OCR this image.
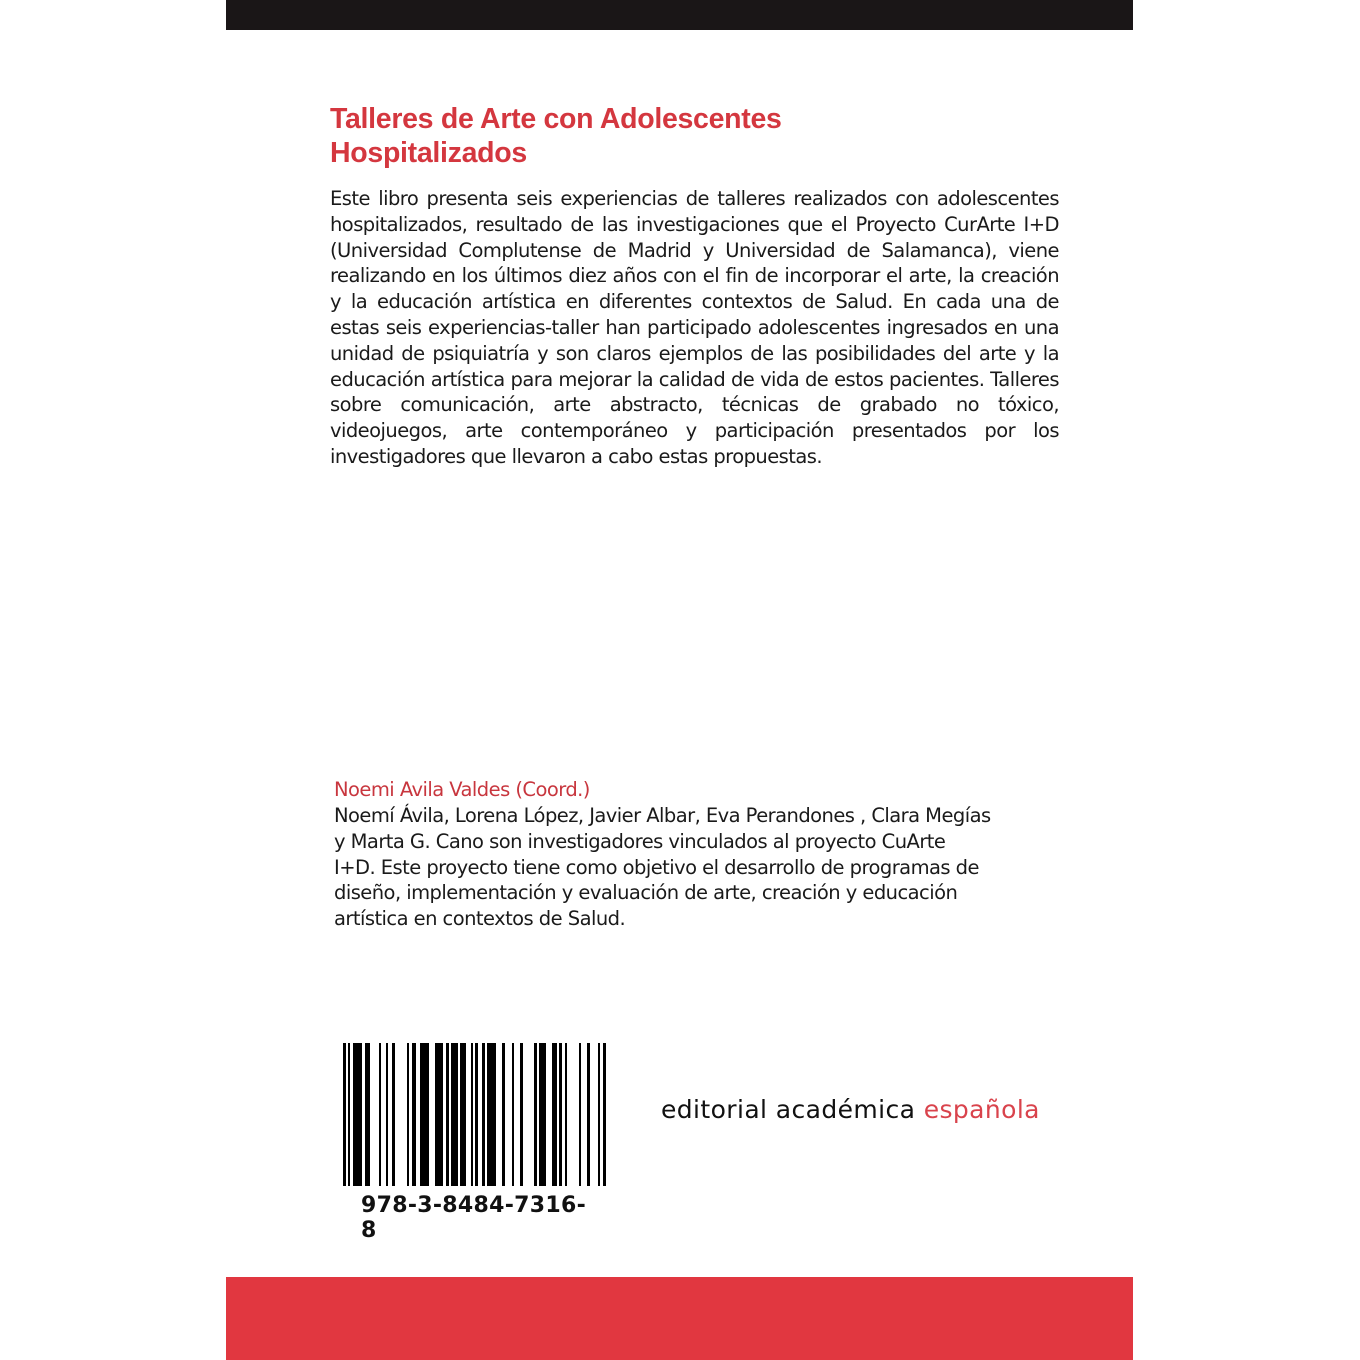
Talleres de Arte con Adolescentes
Hospitalizados
Este libro presenta seis experiencias de talleres realizados con adolescentes hospitalizados, resultado de las investigaciones que el Proyecto CurArte I+D (Universidad Complutense de Madrid y Universidad de Salamanca), viene realizando en los últimos diez años con el fin de incorporar el arte, la creación y la educación artística en diferentes contextos de Salud. En cada una de estas seis experiencias-taller han participado adolescentes ingresados en una unidad de psiquiatría y son claros ejemplos de las posibilidades del arte y la educación artística para mejorar la calidad de vida de estos pacientes. Talleres sobre comunicación, arte abstracto, técnicas de grabado no tóxico, videojuegos, arte contemporáneo y participación presentados por los investigadores que llevaron a cabo estas propuestas.
Noemi Avila Valdes (Coord.)
Noemí Ávila, Lorena López, Javier Albar, Eva Perandones , Clara Megías
y Marta G. Cano son investigadores vinculados al proyecto CuArte
I+D. Este proyecto tiene como objetivo el desarrollo de programas de
diseño, implementación y evaluación de arte, creación y educación
artística en contextos de Salud.
978-3-8484-7316-8
editorial académica española
